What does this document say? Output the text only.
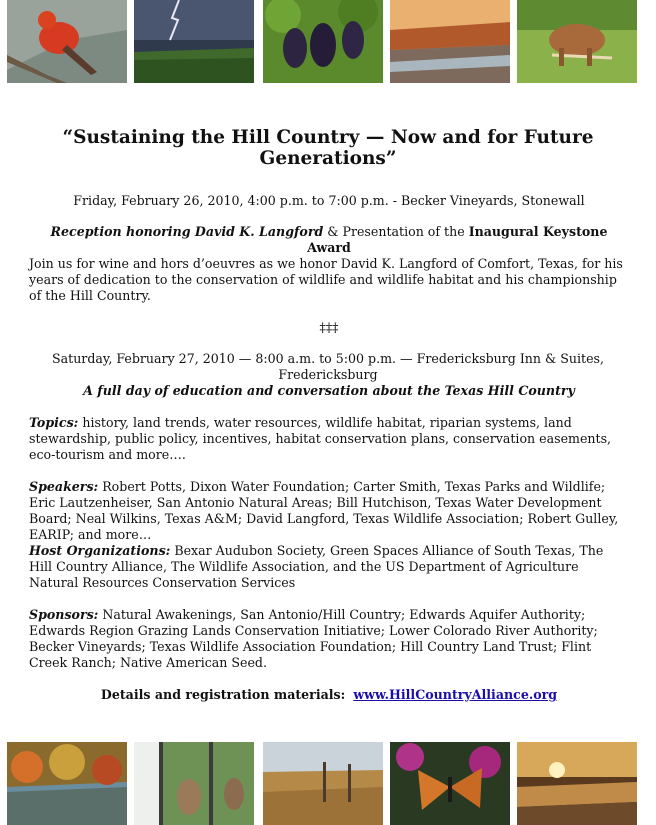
“Sustaining the Hill Country — Now and for Future Generations”
Friday, February 26, 2010, 4:00 p.m. to 7:00 p.m. - Becker Vineyards, Stonewall
Reception honoring David K. Langford & Presentation of the Inaugural Keystone Award
Join us for wine and hors d’oeuvres as we honor David K. Langford of Comfort, Texas, for his years of dedication to the conservation of wildlife and wildlife habitat and his championship of the Hill Country.
‡‡‡
Saturday, February 27, 2010 — 8:00 a.m. to 5:00 p.m. — Fredericksburg Inn & Suites, Fredericksburg
A full day of education and conversation about the Texas Hill Country
Topics: history, land trends, water resources, wildlife habitat, riparian systems, land stewardship, public policy, incentives, habitat conservation plans, conservation easements, eco-tourism and more….
Speakers: Robert Potts, Dixon Water Foundation; Carter Smith, Texas Parks and Wildlife; Eric Lautzenheiser, San Antonio Natural Areas; Bill Hutchison, Texas Water Development Board; Neal Wilkins, Texas A&M; David Langford, Texas Wildlife Association; Robert Gulley, EARIP; and more…
Host Organizations: Bexar Audubon Society, Green Spaces Alliance of South Texas, The Hill Country Alliance, The Wildlife Association, and the US Department of Agriculture Natural Resources Conservation Services
Sponsors: Natural Awakenings, San Antonio/Hill Country; Edwards Aquifer Authority; Edwards Region Grazing Lands Conservation Initiative; Lower Colorado River Authority; Becker Vineyards; Texas Wildlife Association Foundation; Hill Country Land Trust; Flint Creek Ranch; Native American Seed.
Details and registration materials: www.HillCountryAlliance.org
